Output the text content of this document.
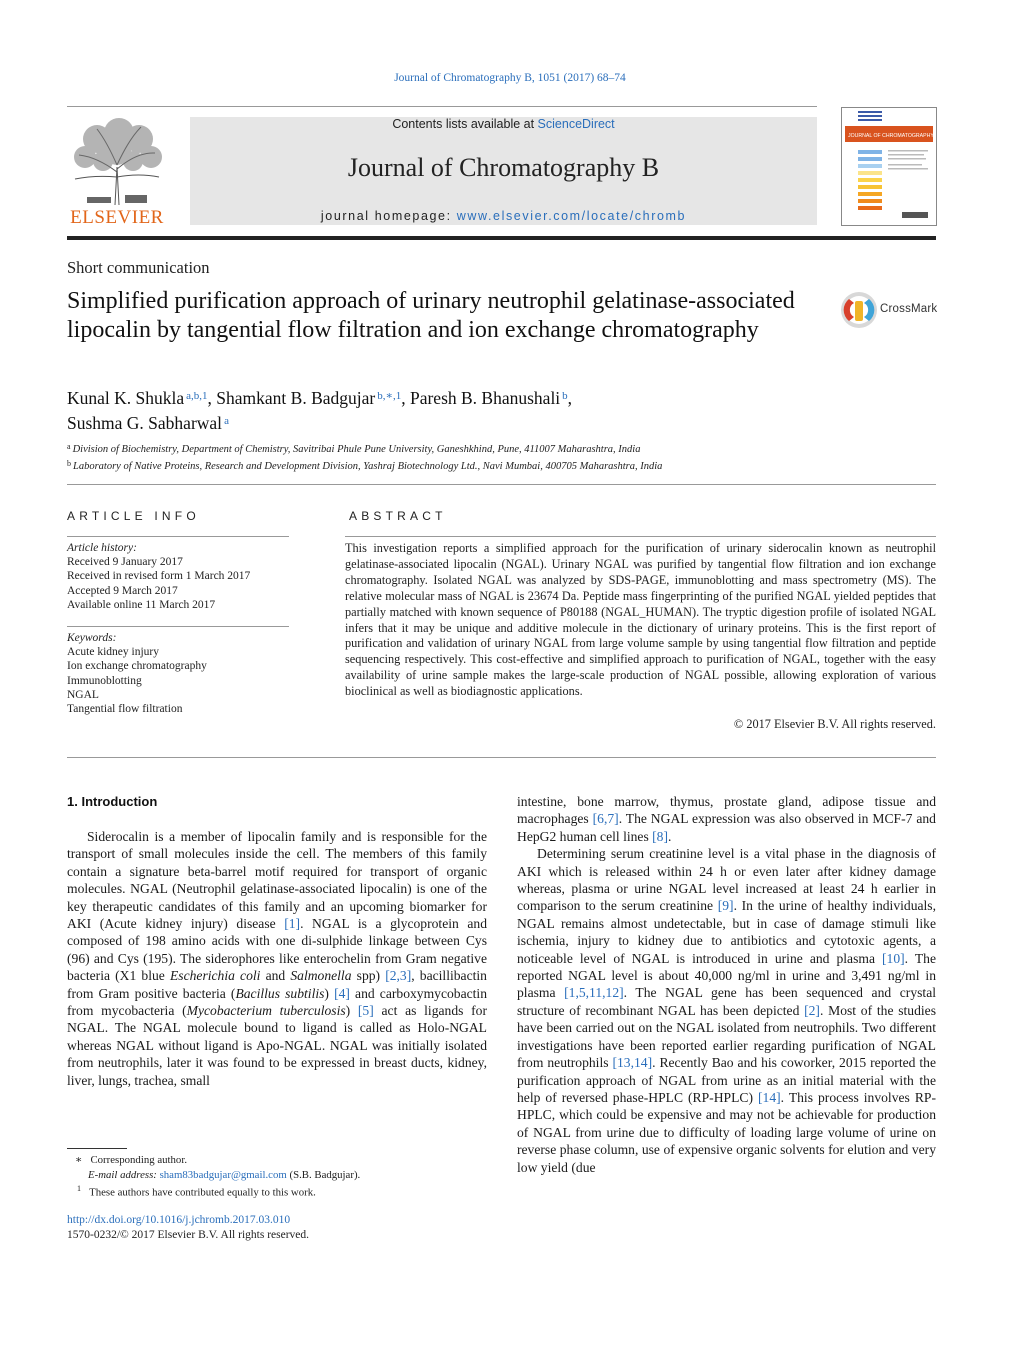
Journal of Chromatography B, 1051 (2017) 68–74
ELSEVIER
Contents lists available at ScienceDirect
Journal of Chromatography B
journal homepage: www.elsevier.com/locate/chromb
JOURNAL OF CHROMATOGRAPHY B
Short communication
Simplified purification approach of urinary neutrophil gelatinase-associated lipocalin by tangential flow filtration and ion exchange chromatography
CrossMark
Kunal K. Shukla $^{a,b,1}$, Shamkant B. Badgujar $^{b,∗,1}$, Paresh B. Bhanushali $^b$,
Sushma G. Sabharwal $^a$
$^a$ Division of Biochemistry, Department of Chemistry, Savitribai Phule Pune University, Ganeshkhind, Pune, 411007 Maharashtra, India
$^b$ Laboratory of Native Proteins, Research and Development Division, Yashraj Biotechnology Ltd., Navi Mumbai, 400705 Maharashtra, India
ARTICLE INFO
Article history:
Received 9 January 2017
Received in revised form 1 March 2017
Accepted 9 March 2017
Available online 11 March 2017
Keywords:
Acute kidney injury
Ion exchange chromatography
Immunoblotting
NGAL
Tangential flow filtration
ABSTRACT
This investigation reports a simplified approach for the purification of urinary siderocalin known as neutrophil gelatinase-associated lipocalin (NGAL). Urinary NGAL was purified by tangential flow filtration and ion exchange chromatography. Isolated NGAL was analyzed by SDS-PAGE, immunoblotting and mass spectrometry (MS). The relative molecular mass of NGAL is 23674 Da. Peptide mass fingerprinting of the purified NGAL yielded peptides that partially matched with known sequence of P80188 (NGAL_HUMAN). The tryptic digestion profile of isolated NGAL infers that it may be unique and additive molecule in the dictionary of urinary proteins. This is the first report of purification and validation of urinary NGAL from large volume sample by using tangential flow filtration and peptide sequencing respectively. This cost-effective and simplified approach to purification of NGAL, together with the easy availability of urine sample makes the large-scale production of NGAL possible, allowing exploration of various bioclinical as well as biodiagnostic applications.
© 2017 Elsevier B.V. All rights reserved.
1. Introduction

Siderocalin is a member of lipocalin family and is responsible for the transport of small molecules inside the cell. The members of this family contain a signature beta-barrel motif required for transport of organic molecules. NGAL (Neutrophil gelatinase-associated lipocalin) is one of the key therapeutic candidates of this family and an upcoming biomarker for AKI (Acute kidney injury) disease [1]. NGAL is a glycoprotein and composed of 198 amino acids with one di-sulphide linkage between Cys (96) and Cys (195). The siderophores like enterochelin from Gram negative bacteria (X1 blue Escherichia coli and Salmonella spp) [2,3], bacillibactin from Gram positive bacteria (Bacillus subtilis) [4] and carboxymycobactin from mycobacteria (Mycobacterium tuberculosis) [5] act as ligands for NGAL. The NGAL molecule bound to ligand is called as Holo-NGAL whereas NGAL without ligand is Apo-NGAL. NGAL was initially isolated from neutrophils, later it was found to be expressed in breast ducts, kidney, liver, lungs, trachea, small

intestine, bone marrow, thymus, prostate gland, adipose tissue and macrophages [6,7]. The NGAL expression was also observed in MCF-7 and HepG2 human cell lines [8].

Determining serum creatinine level is a vital phase in the diagnosis of AKI which is released within 24 h or even later after kidney damage whereas, plasma or urine NGAL level increased at least 24 h earlier in comparison to the serum creatinine [9]. In the urine of healthy individuals, NGAL remains almost undetectable, but in case of damage stimuli like ischemia, injury to kidney due to antibiotics and cytotoxic agents, a noticeable level of NGAL is introduced in urine and plasma [10]. The reported NGAL level is about 40,000 ng/ml in urine and 3,491 ng/ml in plasma [1,5,11,12]. The NGAL gene has been sequenced and crystal structure of recombinant NGAL has been depicted [2]. Most of the studies have been carried out on the NGAL isolated from neutrophils. Two different investigations have been reported earlier regarding purification of NGAL from neutrophils [13,14]. Recently Bao and his coworker, 2015 reported the purification approach of NGAL from urine as an initial material with the help of reversed phase-HPLC (RP-HPLC) [14]. This process involves RP-HPLC, which could be expensive and may not be achievable for production of NGAL from urine due to difficulty of loading large volume of urine on reverse phase column, use of expensive organic solvents for elution and very low yield (due

∗ Corresponding author.
E-mail address: sham83badgujar@gmail.com (S.B. Badgujar).
$^1$ These authors have contributed equally to this work.
http://dx.doi.org/10.1016/j.jchromb.2017.03.010
1570-0232/© 2017 Elsevier B.V. All rights reserved.
